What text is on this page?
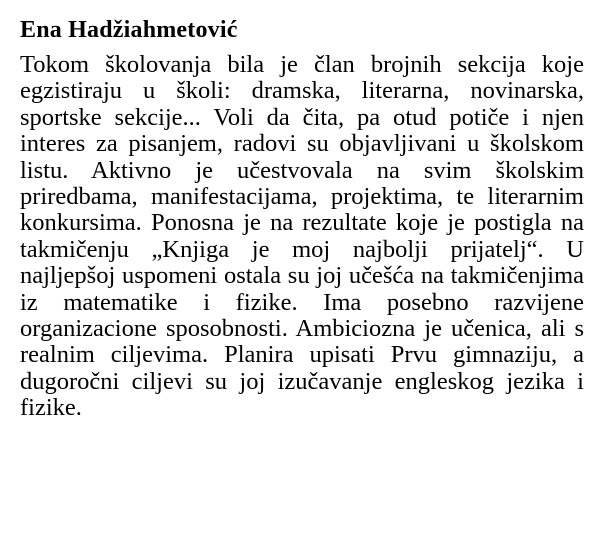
Ena Hadžiahmetović

Tokom školovanja bila je član brojnih sekcija koje egzistiraju u školi: dramska, literarna, novinarska, sportske sekcije... Voli da čita, pa otud potiče i njen interes za pisanjem, radovi su objavljivani u školskom listu. Aktivno je učestvovala na svim školskim priredbama, manifestacijama, projektima, te literarnim konkursima. Ponosna je na rezultate koje je postigla na takmičenju „Knjiga je moj najbolji prijatelj“. U najljepšoj uspomeni ostala su joj učešća na takmičenjima iz matematike i fizike. Ima posebno razvijene organizacione sposobnosti. Ambiciozna je učenica, ali s realnim ciljevima. Planira upisati Prvu gimnaziju, a dugoročni ciljevi su joj izučavanje engleskog jezika i fizike.
